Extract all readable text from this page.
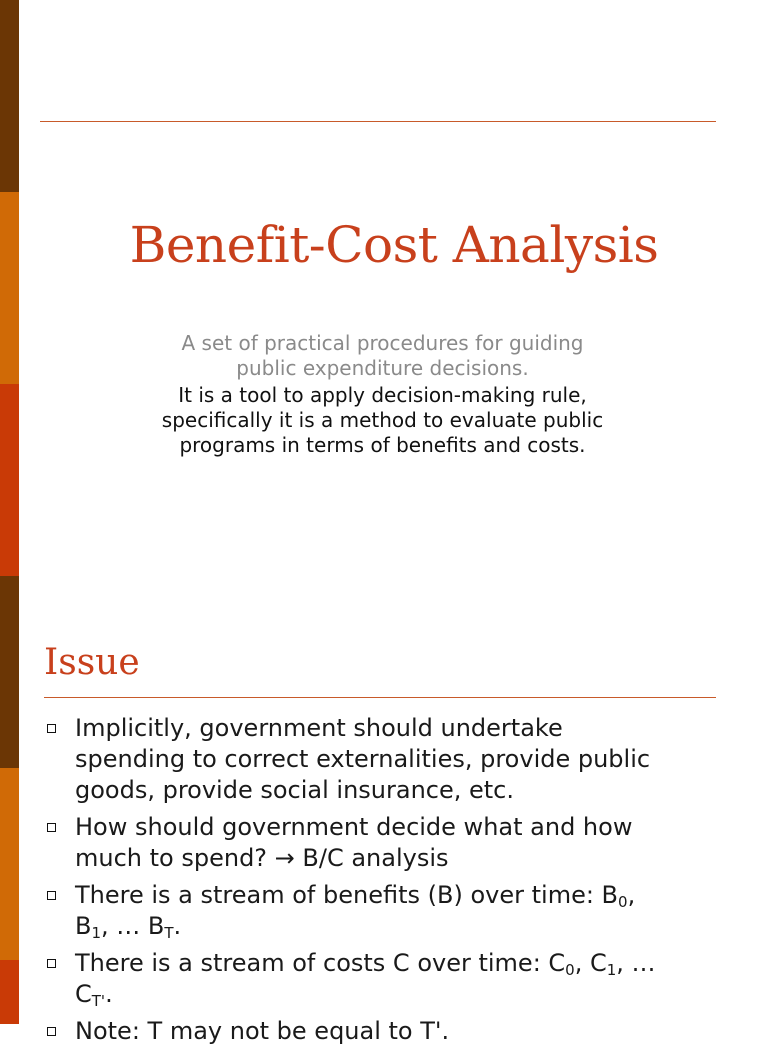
Benefit-Cost Analysis
A set of practical procedures for guiding
public expenditure decisions.
It is a tool to apply decision-making rule,
specifically it is a method to evaluate public
programs in terms of benefits and costs.
Issue
Implicitly, government should undertake
spending to correct externalities, provide public
goods, provide social insurance, etc.
How should government decide what and how
much to spend? → B/C analysis
There is a stream of benefits (B) over time: $B_0$,
$B_1$, … $B_T$.
There is a stream of costs C over time: $C_0$, $C_1$, …
$C_{T'}$.
Note: T may not be equal to T'.
